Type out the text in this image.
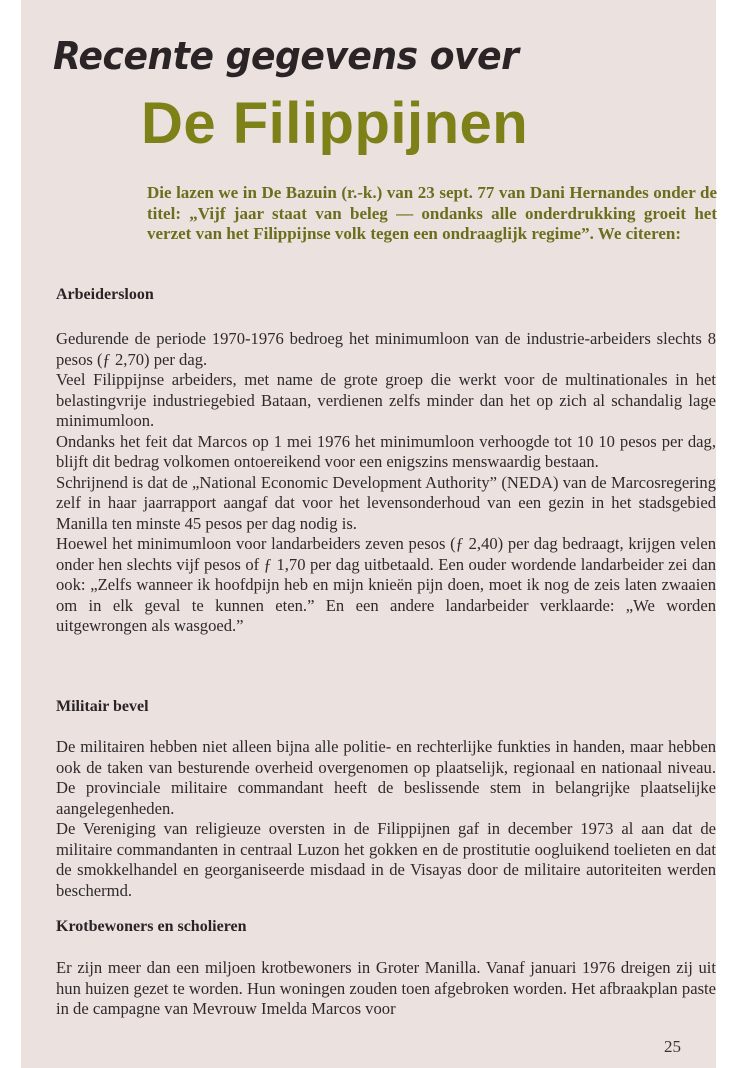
Recente gegevens over
De Filippijnen
Die lazen we in De Bazuin (r.-k.) van 23 sept. 77 van Dani Hernandes onder de titel: „Vijf jaar staat van beleg — ondanks alle onderdrukking groeit het verzet van het Filippijnse volk tegen een ondraaglijk regime”. We citeren:
Arbeidersloon

Gedurende de periode 1970-1976 bedroeg het minimumloon van de industrie-arbeiders slechts 8 pesos (ƒ 2,70) per dag.

Veel Filippijnse arbeiders, met name de grote groep die werkt voor de multinationales in het belastingvrije industriegebied Bataan, verdienen zelfs minder dan het op zich al schandalig lage minimumloon.

Ondanks het feit dat Marcos op 1 mei 1976 het minimumloon verhoogde tot 10 10 pesos per dag, blijft dit bedrag volkomen ontoereikend voor een enigszins menswaardig bestaan.

Schrijnend is dat de „National Economic Development Authority” (NEDA) van de Marcosregering zelf in haar jaarrapport aangaf dat voor het levensonderhoud van een gezin in het stadsgebied Manilla ten minste 45 pesos per dag nodig is.

Hoewel het minimumloon voor landarbeiders zeven pesos (ƒ 2,40) per dag bedraagt, krijgen velen onder hen slechts vijf pesos of ƒ 1,70 per dag uitbetaald. Een ouder wordende landarbeider zei dan ook: „Zelfs wanneer ik hoofdpijn heb en mijn knieën pijn doen, moet ik nog de zeis laten zwaaien om in elk geval te kunnen eten.” En een andere landarbeider verklaarde: „We worden uitgewrongen als wasgoed.”

Militair bevel

De militairen hebben niet alleen bijna alle politie- en rechterlijke funkties in handen, maar hebben ook de taken van besturende overheid overgenomen op plaatselijk, regionaal en nationaal niveau. De provinciale militaire commandant heeft de beslissende stem in belangrijke plaatselijke aangelegenheden.

De Vereniging van religieuze oversten in de Filippijnen gaf in december 1973 al aan dat de militaire commandanten in centraal Luzon het gokken en de prostitutie oogluikend toelieten en dat de smokkelhandel en georganiseerde misdaad in de Visayas door de militaire autoriteiten werden beschermd.

Krotbewoners en scholieren

Er zijn meer dan een miljoen krotbewoners in Groter Manilla. Vanaf januari 1976 dreigen zij uit hun huizen gezet te worden. Hun woningen zouden toen afgebroken worden. Het afbraakplan paste in de campagne van Mevrouw Imelda Marcos voor

25
